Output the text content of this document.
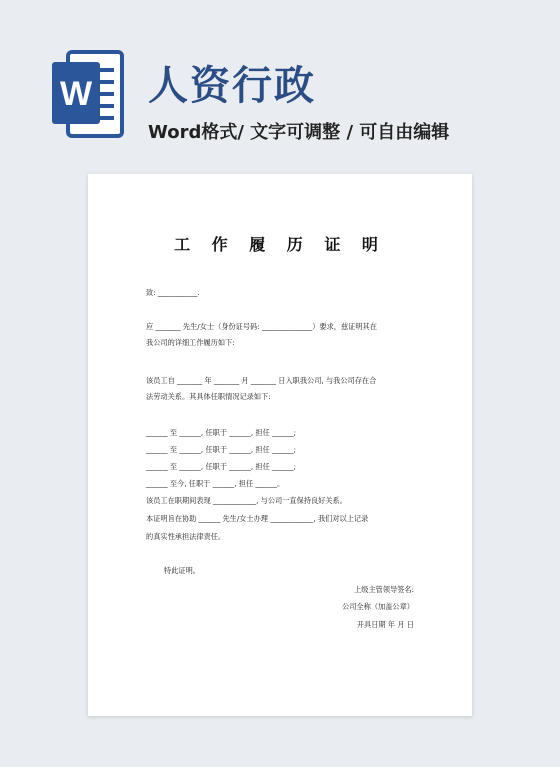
W 人资行政
Word格式/ 文字可调整 / 可自由编辑
工 作 履 历 证 明
致: ___________.
应 _______ 先生/女士（身份证号码: ______________）要求，兹证明其在
我公司的详细工作履历如下:
该员工自 _______ 年 _______ 月 _______ 日入职我公司, 与我公司存在合
法劳动关系。其具体任职情况记录如下:
______ 至 ______, 任职于 ______, 担任 ______;
______ 至 ______, 任职于 ______, 担任 ______;
______ 至 ______, 任职于 ______, 担任 ______;
______ 至今, 任职于 ______, 担任 ______。
该员工在职期间表现 ____________, 与公司一直保持良好关系。
本证明旨在协助 ______ 先生/女士办理 ____________, 我们对以上记录
的真实性承担法律责任。
特此证明。
上级主管领导签名:
公司全称（加盖公章）
开具日期 年 月 日
